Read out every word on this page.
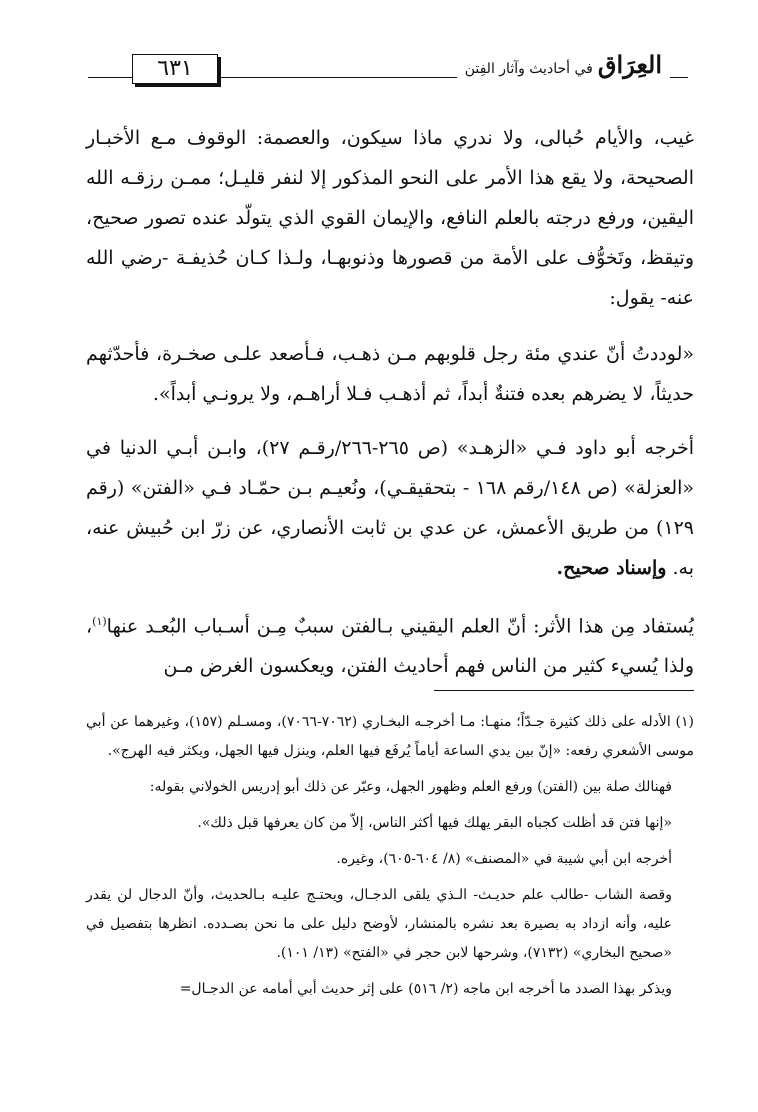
٦٣١	العِرَاق في أحاديث وآثار الفِتن

غيب، والأيام حُبالى، ولا ندري ماذا سيكون، والعصمة: الوقوف مـع الأخبـار الصحيحة، ولا يقع هذا الأمر على النحو المذكور إلا لنفر قليـل؛ ممـن رزقـه الله اليقين، ورفع درجته بالعلم النافع، والإيمان القوي الذي يتولّد عنده تصور صحيح، وتيقظ، وتَخوُّف على الأمة من قصورها وذنوبهـا، ولـذا كـان حُذيفـة -رضي الله عنه- يقول:

«لوددتُ أنّ عندي مئة رجل قلوبهم مـن ذهـب، فـأصعد علـى صخـرة، فأحدّثهم حديثاً، لا يضرهم بعده فتنةٌ أبداً، ثم أذهـب فـلا أراهـم، ولا يرونـي أبداً».

أخرجه أبو داود فـي «الزهـد» (ص ٢٦٥-٢٦٦/رقـم ٢٧)، وابـن أبـي الدنيا في «العزلة» (ص ١٤٨/رقم ١٦٨ - بتحقيقـي)، ونُعيـم بـن حمّـاد فـي «الفتن» (رقم ١٢٩) من طريق الأعمش، عن عدي بن ثابت الأنصاري، عن زرّ ابن حُبيش عنه، به. وإسناد صحيح.

يُستفاد مِن هذا الأثر: أنّ العلم اليقيني بـالفتن سببٌ مِـن أسـباب البُعـد عنها$^{(١)}$، ولذا يُسيء كثير من الناس فهم أحاديث الفتن، ويعكسون الغرض مـن

(١) الأدله على ذلك كثيرة جـدّاً؛ منهـا: مـا أخرجـه البخـاري (٧٠٦٢-٧٠٦٦)، ومسـلم (١٥٧)، وغيرهما عن أبي موسى الأشعري رفعه: «إنّ بين يدي الساعة أياماً يُرفَع فيها العلم، وينزل فيها الجهل، ويكثر فيه الهرج».

فهنالك صلة بين (الفتن) ورفع العلم وظهور الجهل، وعبّر عن ذلك أبو إدريس الخولاني بقوله:

«إنها فتن قد أظلت كجباه البقر يهلك فيها أكثر الناس، إلاّ من كان يعرفها قبل ذلك».

أخرجه ابن أبي شيبة في «المصنف» (٨/ ٦٠٤-٦٠٥)، وغيره.

وقصة الشاب -طالب علم حديـث- الـذي يلقى الدجـال، ويحتـج عليـه بـالحديث، وأنّ الدجال لن يقدر عليه، وأنه ازداد به بصيرة بعد نشره بالمنشار، لأوضح دليل على ما نحن بصـدده. انظرها بتفصيل في «صحيح البخاري» (٧١٣٢)، وشرحها لابن حجر في «الفتح» (١٣/ ١٠١).

ويذكر بهذا الصدد ما أخرجه ابن ماجه (٢/ ٥١٦) على إثر حديث أبي أمامه عن الدجـال=
